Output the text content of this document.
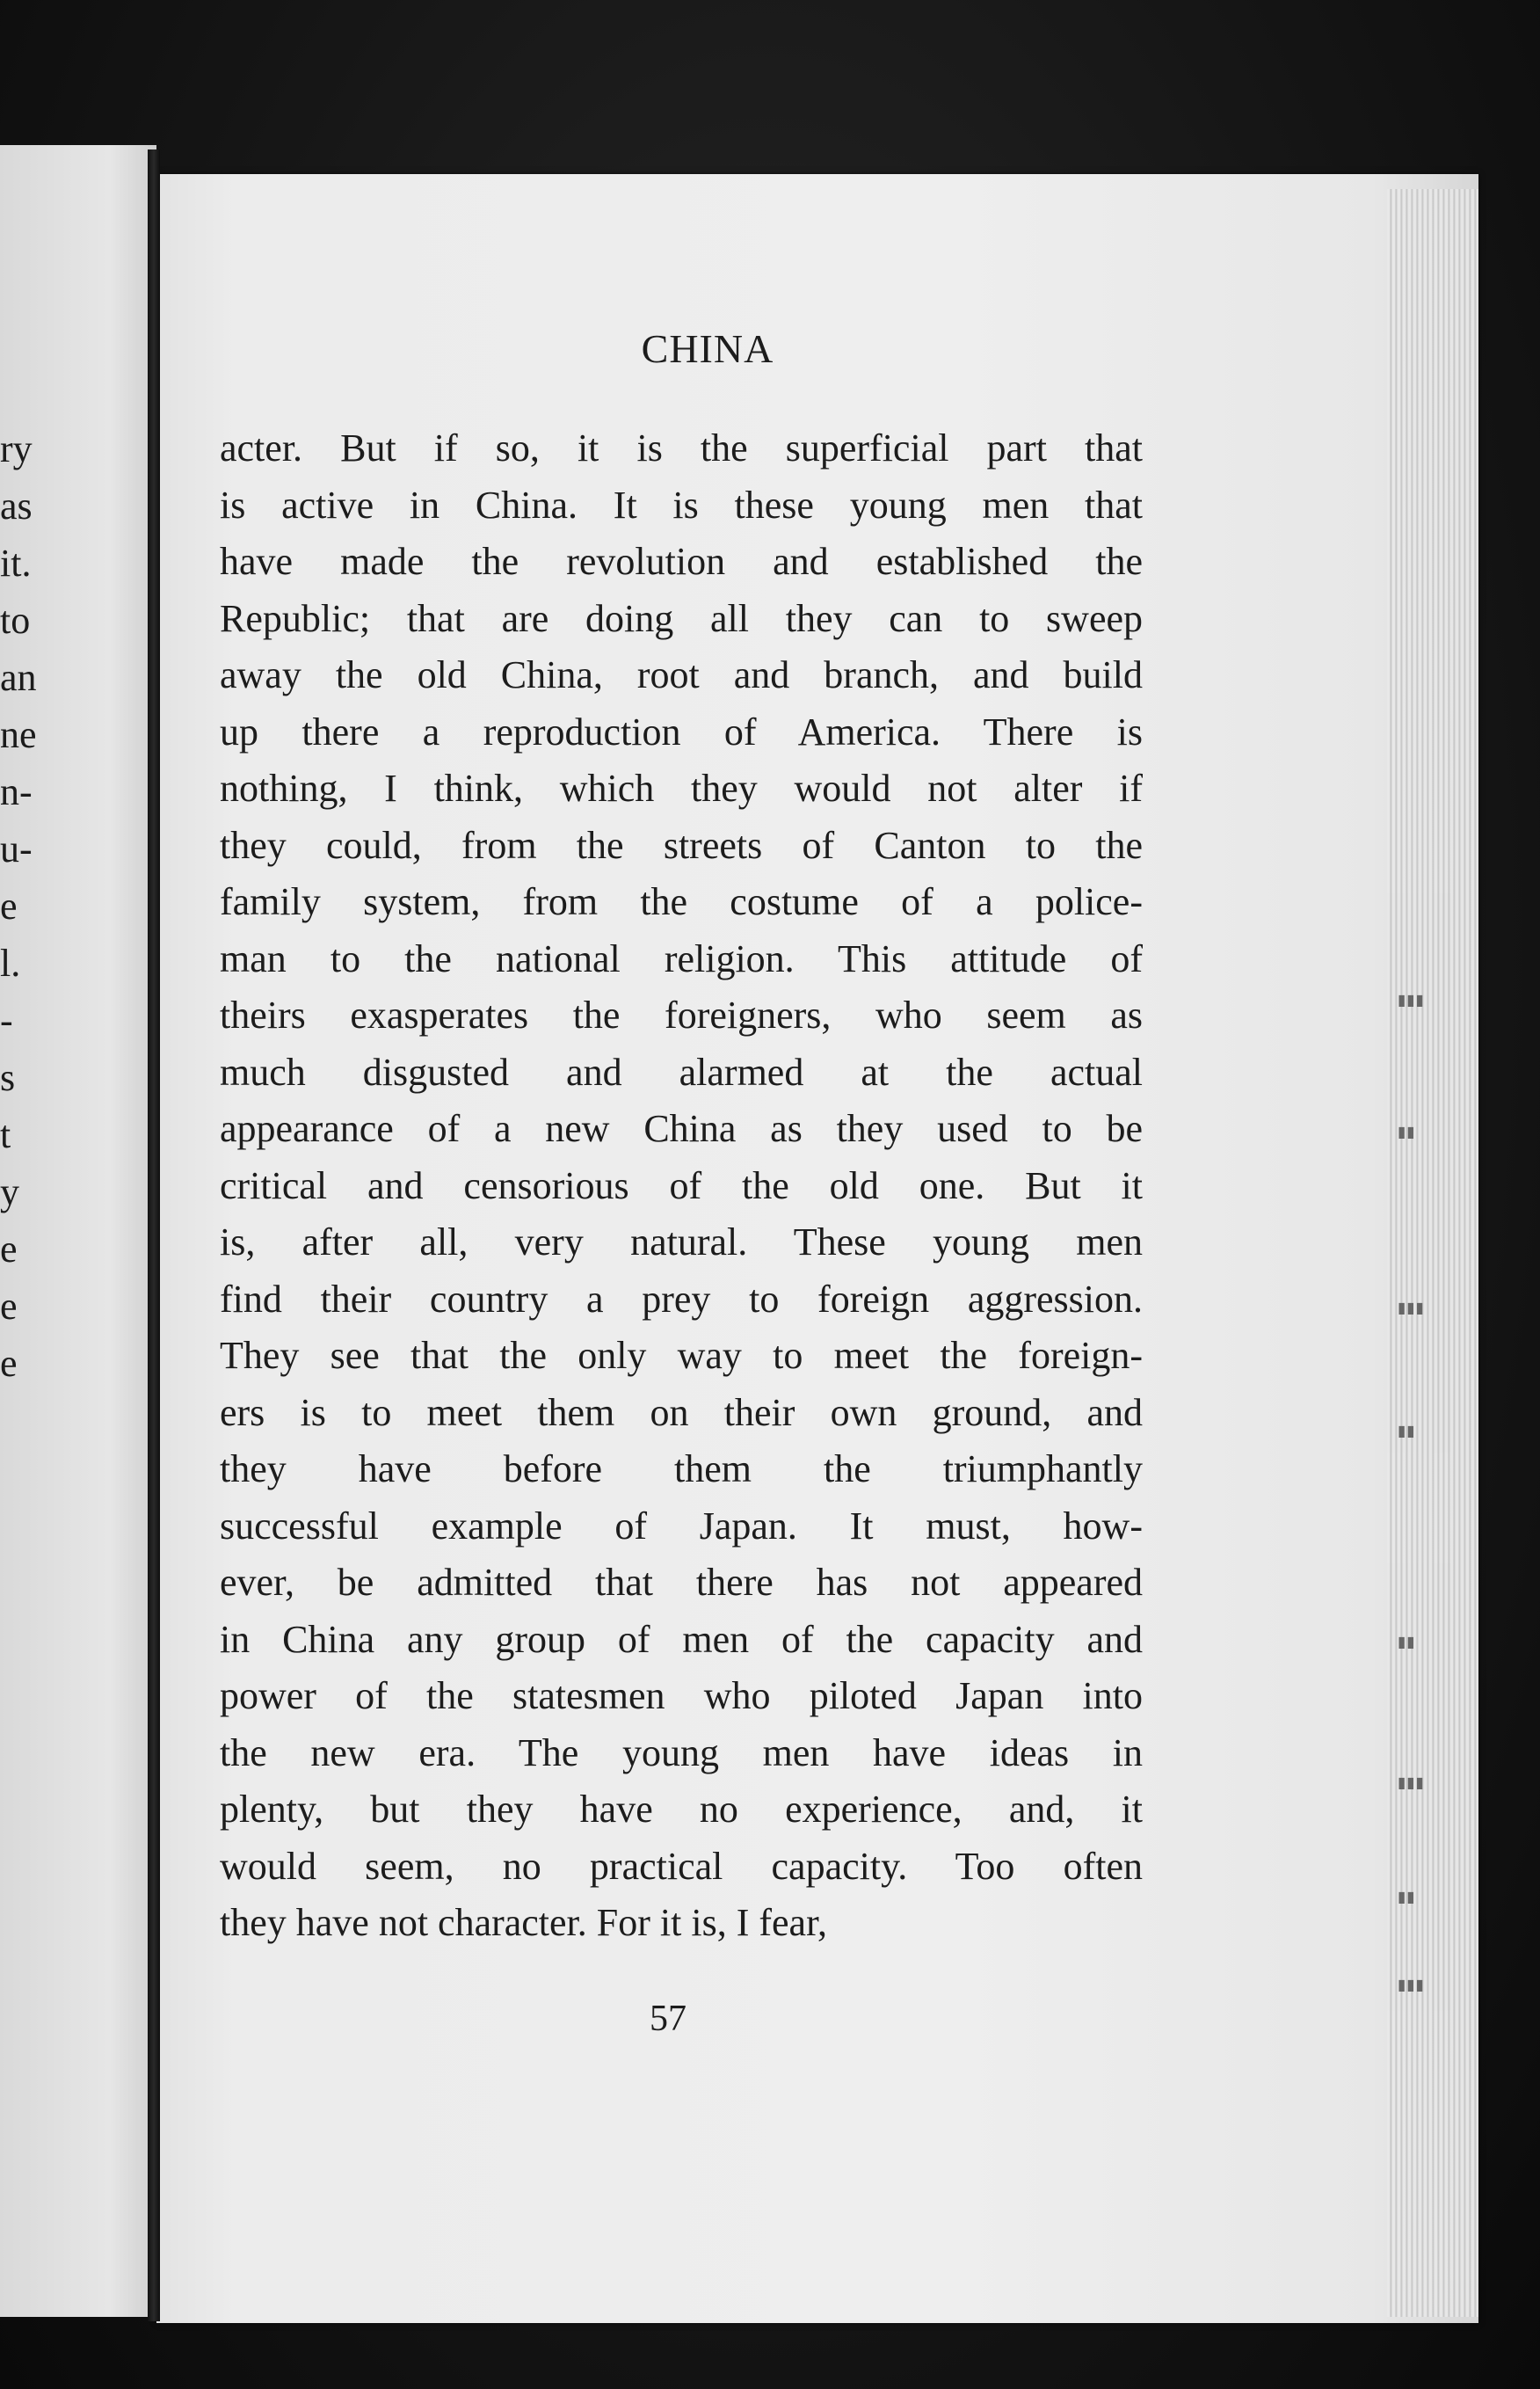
ry
as
it.
to
an
ne
n-
u-
e
l.
-
s
t
y
e
e
e
▮▮▮
▮▮
▮▮▮
▮▮
▮▮
▮▮▮
▮▮
▮▮▮
CHINA
acter. But if so, it is the superficial part that
is active in China. It is these young men that
have made the revolution and established the
Republic; that are doing all they can to sweep
away the old China, root and branch, and build
up there a reproduction of America. There is
nothing, I think, which they would not alter if
they could, from the streets of Canton to the
family system, from the costume of a police-
man to the national religion. This attitude of
theirs exasperates the foreigners, who seem as
much disgusted and alarmed at the actual
appearance of a new China as they used to be
critical and censorious of the old one. But it
is, after all, very natural. These young men
find their country a prey to foreign aggression.
They see that the only way to meet the foreign-
ers is to meet them on their own ground, and
they have before them the triumphantly
successful example of Japan. It must, how-
ever, be admitted that there has not appeared
in China any group of men of the capacity and
power of the statesmen who piloted Japan into
the new era. The young men have ideas in
plenty, but they have no experience, and, it
would seem, no practical capacity. Too often
they have not character. For it is, I fear,
57
